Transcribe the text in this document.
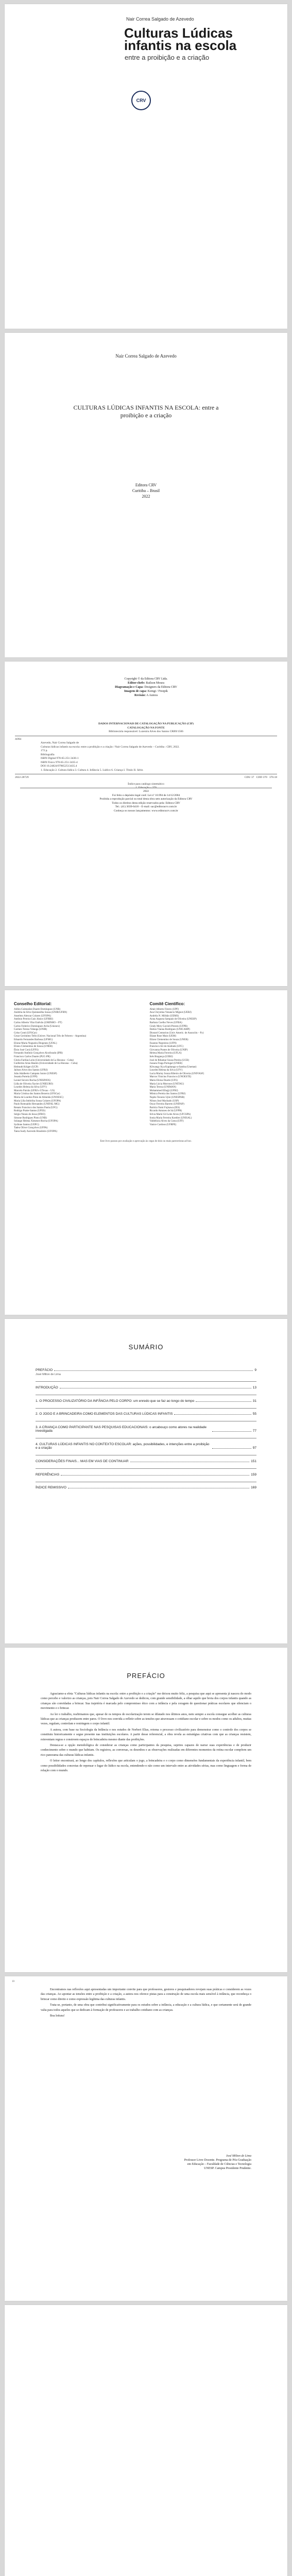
Nair Correa Salgado de Azevedo
Culturas Lúdicas
infantis na escola
entre a proibição e a criação
CRV
Nair Correa Salgado de Azevedo
CULTURAS LÚDICAS INFANTIS NA ESCOLA: entre a proibição e a criação
Editora CRV
Curitiba – Brasil
2022
Copyright © da Editora CRV Ltda.
Editor-chefe: Railson Moura
Diagramação e Capa: Designers da Editora CRV
Imagem de capa: Kemgi / Freepik
Revisão: A Autora
DADOS INTERNACIONAIS DE CATALOGAÇÃO NA PUBLICAÇÃO (CIP)
CATALOGAÇÃO NA FONTE
Bibliotecária responsável: Luzenira Alves dos Santos CRB9/1506
A994
Azevedo, Nair Correa Salgado de
Culturas lúdicas infantis na escola: entre a proibição e a criação / Nair Correa Salgado de Azevedo – Curitiba : CRV, 2022.
172 p.
Bibliografia
ISBN Digital 978-65-251-3436-1
ISBN Físico 978-65-251-3435-4
DOI 10.24824/978652513435.4
1. Educação 2. Cultura lúdica 3. Cultura 4. Infância 5. Lúdico 6. Criança I. Título II. Série.
2022-28729	CDU 37 CDD 370 370.18
Índice para catálogo sistemático
1. Educação – 370
2022
Foi feito o depósito legal conf. Lei nº 10.994 de 14/12/2004
Proibida a reprodução parcial ou total desta obra sem autorização da Editora CRV
Todos os direitos desta edição reservados pela: Editora CRV
Tel.: (41) 3039-6418 – E-mail: sac@editoracrv.com.br
Conheça os nossos lançamentos: www.editoracrv.com.br
Conselho Editorial:
Aldira Guimarães Duarte Domínguez (UNB)
Andréia da Silva Quintanilha Sousa (UNIR/UFRN)
Anselmo Alencar Colares (UFOPA)
Antônio Pereira Gaio Júnior (UFRRJ)
Carlos Alberto Vilar Estêvão (UMINHO – PT)
Carlos Federico Dominguez Avila (Unieuro)
Carmen Tereza Velanga (UNIR)
Celso Conti (UFSCar)
Cesar Gerónimo Tello (Univer. Nacional Três de Febrero – Argentina)
Eduardo Fernandes Barbosa (UFMG)
Elione Maria Nogueira Diogenes (UFAL)
Elizeu Clementino de Souza (UNEB)
Élsio José Corá (UFFS)
Fernando Antônio Gonçalves Alcoforado (IPB)
Francisco Carlos Duarte (PUC-PR)
Gloria Fariñas León (Universidade de La Havana – Cuba)
Guillermo Arias Beatón (Universidade de La Havana – Cuba)
Helmuth Krüger (UCP)
Jailson Alves dos Santos (UFRJ)
João Adalberto Campato Junior (UNESP)
Josania Portela (UFPI)
Leonel Severo Rocha (UNISINOS)
Lídia de Oliveira Xavier (UNIEURO)
Lourdes Helena da Silva (UFV)
Marcelo Paixão (UFRJ e UTexas – US)
Maria Cristina dos Santos Bezerra (UFSCar)
Maria de Lourdes Pinto de Almeida (UNOESC)
Maria Lília Imbiriba Sousa Colares (UFOPA)
Paulo Romualdo Hernandes (UNIFAL-MG)
Renato Francisco dos Santos Paula (UFG)
Rodrigo Pratte-Santos (UFES)
Sérgio Nunes de Jesus (IFRO)
Simone Rodrigues Pinto (UNB)
Solange Helena Ximenes-Rocha (UFOPA)
Sydione Santos (UEPG)
Tadeu Oliver Gonçalves (UFPA)
Tania Suely Azevedo Brasileiro (UFOPA)
Comitê Científico:
Altair Alberto Fávero (UPF)
Ana Chrystina Venancio Mignot (UERJ)
Andréia N. Militão (UEMS)
Anna Augusta Sampaio de Oliveira (UNESP)
Barbara Coelho Neves (UFBA)
Cindy Mery Gavioli-Prestes (UFPR)
Dalton Vianna Rodrigues (UNICAMP)
Diosnel Centurion (Univ Americ. de Asunción – Py)
Eliane Rose Maio (UEM)
Elizeu Clementino de Souza (UNEB)
Fauston Negreiros (UFPI)
Francisco Ari de Andrade (UFC)
Gíovanna Pontes de Oliveira (UNIP)
Helena Maria Ferreira (UFLA)
Inês Bragança (UERJ)
José de Ribamar Sousa Pereira (UCB)
Jussara Fraga Portugal (UNEB)
Kilwangy Kya Kapitango-a-Samba (Unemat)
Lourdes Helena da Silva (UFV)
Lucia Marisy Souza Ribeiro de Oliveira (UNIVASF)
Marcos Vinicius Francisco (UNOESTE)
Maria Eloisa Duarte (UFS)
Maria Lúcia Morrone (UNITAU)
Maria Tereza (UNIMAN)
Mohammed Elhajji (UFRJ)
Mônica Pereira dos Santos (UFRJ)
Najela Tavares Ujiie (UNESPAR)
Nilson José Machado (USP)
Oscar Ferreira Barreto (UNIFAP)
Patrícia Yumi Fujisawa (IES)
Ricardo Antunes de Sá (UFPR)
Silvia Mariá Gil Leite Alves (UFCSPA)
Sonia Maria Ferreira Koehler (UNISAL)
Valdelúcia Alves da Costa (UFF)
Vanice Cardoso (UFRPE)
Este livro passou por avaliação e aprovação às cegas de dois ou mais pareceristas ad hoc.
SUMÁRIO
PREFÁCIO	9
José Milton de Lima
INTRODUÇÃO	13
1. O PROCESSO CIVILIZATÓRIO DA INFÂNCIA PELO CORPO: um enredo que se faz ao longo do tempo	31
2. O JOGO E A BRINCADEIRA COMO ELEMENTOS DAS CULTURAS LÚDICAS INFANTIS	55
3. A CRIANÇA COMO PARTICIPANTE NAS PESQUISAS EDUCACIONAIS: o arcabouço como atores na realidade investigada	77
4. CULTURAS LÚDICAS INFANTIS NO CONTEXTO ESCOLAR: ações, possibilidades, e intenções entre a proibição e a criação	97
CONSIDERAÇÕES FINAIS... MAS EM VIAS DE CONTINUAR	151
REFERÊNCIAS	159
ÍNDICE REMISSIVO	169
PREFÁCIO

Agraciamo-a efeta "Culturas lúdicas infantis na escola: entre a proibição e a criação" me deixou muito feliz, a pesquisa que aqui se apresenta já nasceu do modo como percebo e valorizo as crianças, pois Nair Correa Salgado de Azevedo se dedicou, com grande sensibilidade, a olhar aquilo que brota dos corpos infantis quando as crianças são convidadas a brincar. Sua trajetória é marcada pelo compromisso ético com a infância e pela coragem de questionar práticas escolares que silenciam o movimento e o brincar.

Ao ler o trabalho, reafirmamos que, apesar de os tempos de escolarização terem se dilatado nos últimos anos, nem sempre a escola consegue acolher as culturas lúdicas que as crianças produzem entre pares. O livro nos convida a refletir sobre as tensões que atravessam o cotidiano escolar e sobre os modos como os adultos, muitas vezes, regulam, controlam e restringem o corpo infantil.

A autora, com base na Sociologia da Infância e nos estudos de Norbert Elias, retoma o processo civilizatório para demonstrar como o controle dos corpos se constituiu historicamente e segue presente nas instituições escolares. A partir desse referencial, a obra revela as estratégias criativas com que as crianças resistem, reinventam regras e constroem espaços de brincadeira mesmo diante das proibições.

Destaca-se a opção metodológica de considerar as crianças como participantes da pesquisa, sujeitos capazes de narrar suas experiências e de produzir conhecimento sobre o mundo que habitam. Os registros, as conversas, os desenhos e as observações realizadas em diferentes momentos da rotina escolar compõem um rico panorama das culturas lúdicas infantis.

O leitor encontrará, ao longo dos capítulos, reflexões que articulam o jogo, a brincadeira e o corpo como dimensões fundamentais da experiência infantil, bem como possibilidades concretas de repensar o lugar do lúdico na escola, entendendo-o não como um intervalo entre as atividades sérias, mas como linguagem e forma de relação com o mundo.

10

Encontramos nas reflexões aqui apresentadas um importante convite para que professores, gestores e pesquisadores revejam suas práticas e considerem as vozes das crianças. Ao apontar as tensões entre a proibição e a criação, a autora nos oferece pistas para a construção de uma escola mais sensível à infância, que reconheça o brincar como direito e como expressão legítima das culturas infantis.

Trata-se, portanto, de uma obra que contribui significativamente para os estudos sobre a infância, a educação e a cultura lúdica, e que certamente será de grande valia para todos aqueles que se dedicam à formação de professores e ao trabalho cotidiano com as crianças.

Boa leitura!

José Milton de Lima
Professor Livre Docente. Programa de Pós-Graduação
em Educação – Faculdade de Ciências e Tecnologia
UNESP. Campus Presidente Prudente.
